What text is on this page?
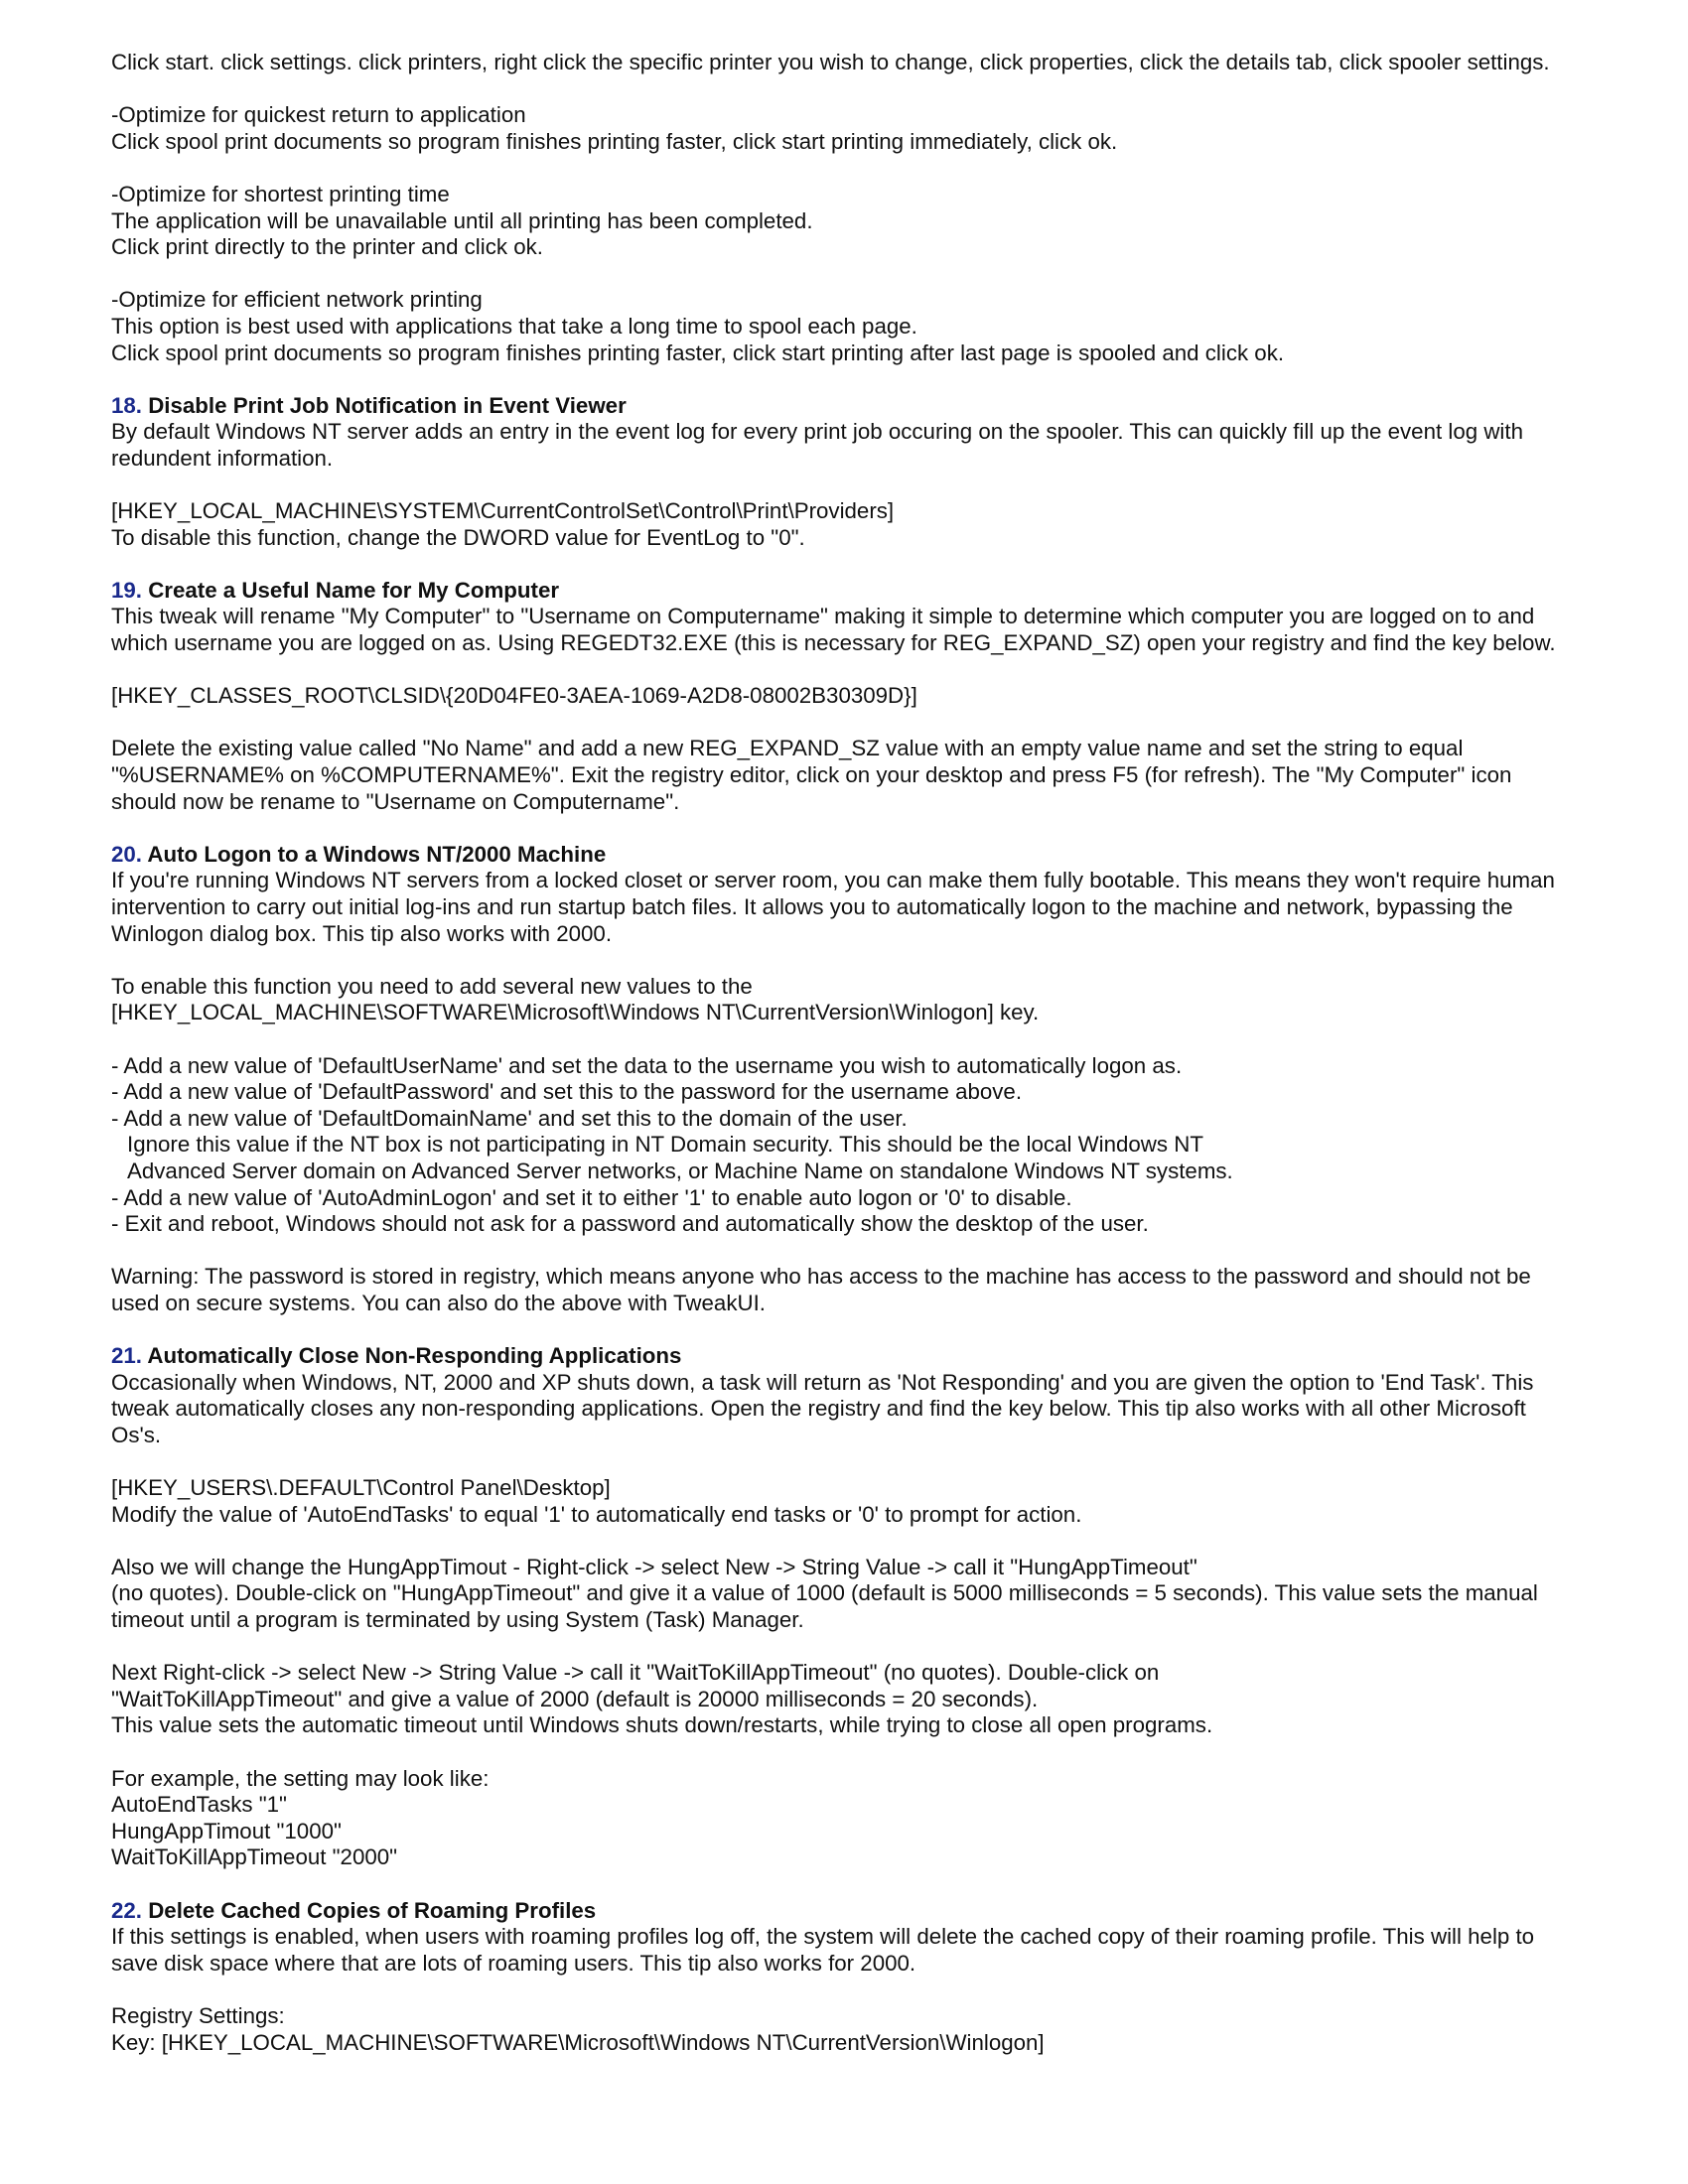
Click start. click settings. click printers, right click the specific printer you wish to change, click properties, click the details tab, click spooler settings.
-Optimize for quickest return to application
Click spool print documents so program finishes printing faster, click start printing immediately, click ok.
-Optimize for shortest printing time
The application will be unavailable until all printing has been completed.
Click print directly to the printer and click ok.
-Optimize for efficient network printing
This option is best used with applications that take a long time to spool each page.
Click spool print documents so program finishes printing faster, click start printing after last page is spooled and click ok.
18. Disable Print Job Notification in Event Viewer
By default Windows NT server adds an entry in the event log for every print job occuring on the spooler. This can quickly fill up the event log with redundent information.
[HKEY_LOCAL_MACHINE\SYSTEM\CurrentControlSet\Control\Print\Providers]
To disable this function, change the DWORD value for EventLog to "0".
19. Create a Useful Name for My Computer
This tweak will rename "My Computer" to "Username on Computername" making it simple to determine which computer you are logged on to and which username you are logged on as. Using REGEDT32.EXE (this is necessary for REG_EXPAND_SZ) open your registry and find the key below.
[HKEY_CLASSES_ROOT\CLSID\{20D04FE0-3AEA-1069-A2D8-08002B30309D}]
Delete the existing value called "No Name" and add a new REG_EXPAND_SZ value with an empty value name and set the string to equal "%USERNAME% on %COMPUTERNAME%". Exit the registry editor, click on your desktop and press F5 (for refresh). The "My Computer" icon should now be rename to "Username on Computername".
20. Auto Logon to a Windows NT/2000 Machine
If you're running Windows NT servers from a locked closet or server room, you can make them fully bootable. This means they won't require human intervention to carry out initial log-ins and run startup batch files. It allows you to automatically logon to the machine and network, bypassing the Winlogon dialog box. This tip also works with 2000.
To enable this function you need to add several new values to the
[HKEY_LOCAL_MACHINE\SOFTWARE\Microsoft\Windows NT\CurrentVersion\Winlogon] key.
- Add a new value of 'DefaultUserName' and set the data to the username you wish to automatically logon as.
- Add a new value of 'DefaultPassword' and set this to the password for the username above.
- Add a new value of 'DefaultDomainName' and set this to the domain of the user.
Ignore this value if the NT box is not participating in NT Domain security. This should be the local Windows NT
Advanced Server domain on Advanced Server networks, or Machine Name on standalone Windows NT systems.
- Add a new value of 'AutoAdminLogon' and set it to either '1' to enable auto logon or '0' to disable.
- Exit and reboot, Windows should not ask for a password and automatically show the desktop of the user.
Warning: The password is stored in registry, which means anyone who has access to the machine has access to the password and should not be used on secure systems. You can also do the above with TweakUI.
21. Automatically Close Non-Responding Applications
Occasionally when Windows, NT, 2000 and XP shuts down, a task will return as 'Not Responding' and you are given the option to 'End Task'. This tweak automatically closes any non-responding applications. Open the registry and find the key below. This tip also works with all other Microsoft Os's.
[HKEY_USERS\.DEFAULT\Control Panel\Desktop]
Modify the value of 'AutoEndTasks' to equal '1' to automatically end tasks or '0' to prompt for action.
Also we will change the HungAppTimout - Right-click -> select New -> String Value -> call it "HungAppTimeout"
(no quotes). Double-click on "HungAppTimeout" and give it a value of 1000 (default is 5000 milliseconds = 5 seconds). This value sets the manual timeout until a program is terminated by using System (Task) Manager.
Next Right-click -> select New -> String Value -> call it "WaitToKillAppTimeout" (no quotes). Double-click on
"WaitToKillAppTimeout" and give a value of 2000 (default is 20000 milliseconds = 20 seconds).
This value sets the automatic timeout until Windows shuts down/restarts, while trying to close all open programs.
For example, the setting may look like:
AutoEndTasks "1"
HungAppTimout "1000"
WaitToKillAppTimeout "2000"
22. Delete Cached Copies of Roaming Profiles
If this settings is enabled, when users with roaming profiles log off, the system will delete the cached copy of their roaming profile. This will help to save disk space where that are lots of roaming users. This tip also works for 2000.
Registry Settings:
Key: [HKEY_LOCAL_MACHINE\SOFTWARE\Microsoft\Windows NT\CurrentVersion\Winlogon]
